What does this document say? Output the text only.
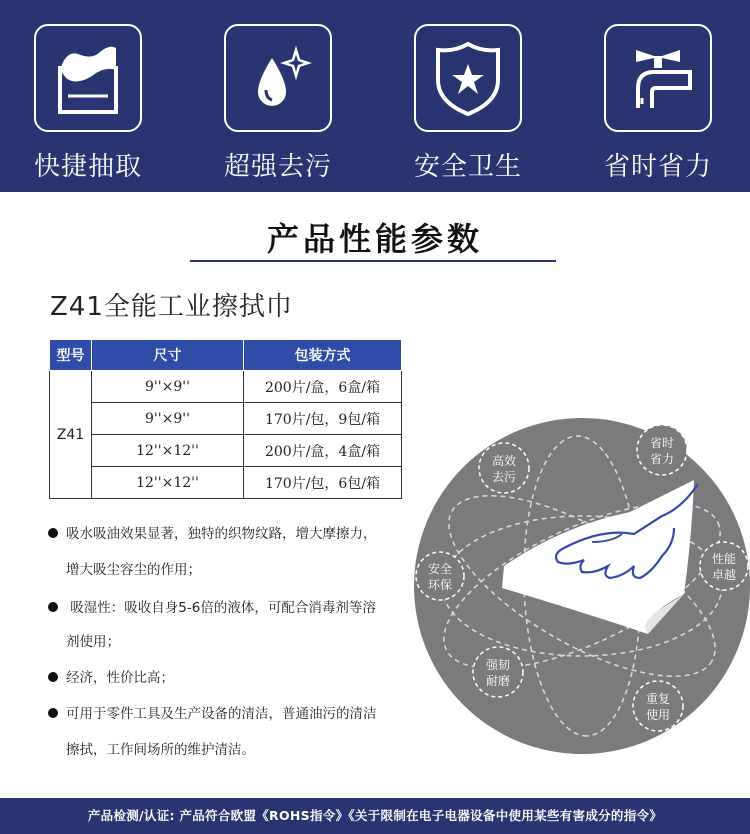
快捷抽取	超强去污	安全卫生	省时省力
产品性能参数
Z41全能工业擦拭巾
型号	尺寸	包装方式
Z41	9''×9''	200片/盒，6盒/箱
	9''×9''	170片/包，9包/箱
	12''×12''	200片/盒，4盒/箱
	12''×12''	170片/包，6包/箱
吸水吸油效果显著，独特的织物纹路，增大摩擦力，
增大吸尘容尘的作用；
吸湿性：吸收自身5-6倍的液体，可配合消毒剂等溶
剂使用；
经济，性价比高；
可用于零件工具及生产设备的清洁，普通油污的清洁
擦拭，工作间场所的维护清洁。
高效
去污
省时
省力
安全
环保
性能
卓越
强韧
耐磨
重复
使用
产品检测/认证: 产品符合欧盟《ROHS指令》《关于限制在电子电器设备中使用某些有害成分的指令》
